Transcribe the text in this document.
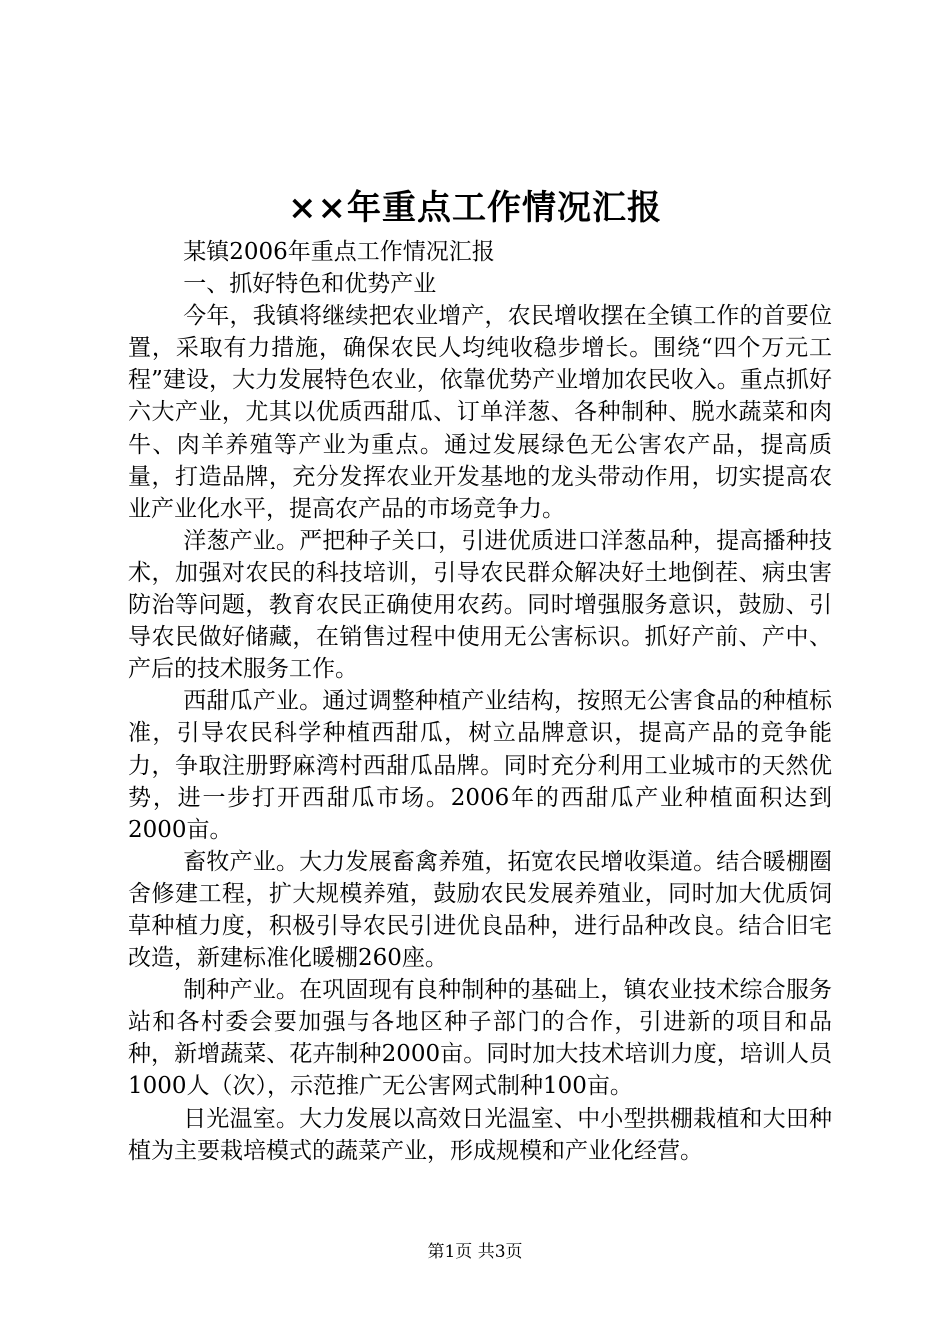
××年重点工作情况汇报

某镇2006年重点工作情况汇报

一、抓好特色和优势产业

今年，我镇将继续把农业增产，农民增收摆在全镇工作的首要位置，采取有力措施，确保农民人均纯收稳步增长。围绕“四个万元工程”建设，大力发展特色农业，依靠优势产业增加农民收入。重点抓好六大产业，尤其以优质西甜瓜、订单洋葱、各种制种、脱水蔬菜和肉牛、肉羊养殖等产业为重点。通过发展绿色无公害农产品，提高质量，打造品牌，充分发挥农业开发基地的龙头带动作用，切实提高农业产业化水平，提高农产品的市场竞争力。

洋葱产业。严把种子关口，引进优质进口洋葱品种，提高播种技术，加强对农民的科技培训，引导农民群众解决好土地倒茬、病虫害防治等问题，教育农民正确使用农药。同时增强服务意识，鼓励、引导农民做好储藏，在销售过程中使用无公害标识。抓好产前、产中、产后的技术服务工作。

西甜瓜产业。通过调整种植产业结构，按照无公害食品的种植标准，引导农民科学种植西甜瓜，树立品牌意识，提高产品的竞争能力，争取注册野麻湾村西甜瓜品牌。同时充分利用工业城市的天然优势，进一步打开西甜瓜市场。2006年的西甜瓜产业种植面积达到2000亩。

畜牧产业。大力发展畜禽养殖，拓宽农民增收渠道。结合暖棚圈舍修建工程，扩大规模养殖，鼓励农民发展养殖业，同时加大优质饲草种植力度，积极引导农民引进优良品种，进行品种改良。结合旧宅改造，新建标准化暖棚260座。

制种产业。在巩固现有良种制种的基础上，镇农业技术综合服务站和各村委会要加强与各地区种子部门的合作，引进新的项目和品种，新增蔬菜、花卉制种2000亩。同时加大技术培训力度，培训人员1000人（次），示范推广无公害网式制种100亩。

日光温室。大力发展以高效日光温室、中小型拱棚栽植和大田种植为主要栽培模式的蔬菜产业，形成规模和产业化经营。

第1页 共3页
